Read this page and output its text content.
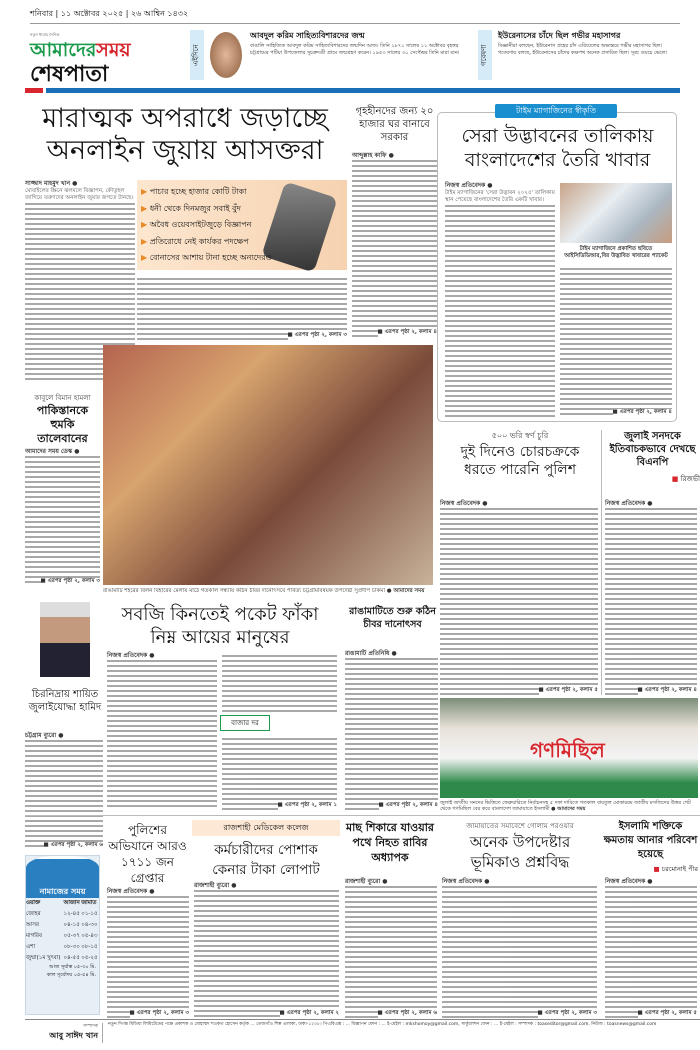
শনিবার | ১১ অক্টোবর ২০২৫ | ২৬ আশ্বিন ১৪৩২
নতুন ধারার দৈনিক
আমাদেরসময়
শেষপাতা
এইদিনে
আবদুল করিম সাহিত্যবিশারদের জন্ম
বাঙালি সাহিত্যিক আবদুল করিম সাহিত্যবিশারদের জন্মদিন আজ। তিনি ১৮৭১ সালের ১১ অক্টোবর বৃহত্তর চট্টগ্রামের পটিয়া উপজেলার সুচক্রদণ্ডী গ্রামে জন্মগ্রহণ করেন। ১৯৫৩ সালের ৩০ সেপ্টেম্বর তিনি মারা যান।	গবেষণা
ইউরেনাসের চাঁদে ছিল গভীর মহাসাগর
বিজ্ঞানীরা বলছেন, ইউরেনাস গ্রহের চাঁদ এরিয়েলের অভ্যন্তরে গভীর মহাসাগর ছিল। গবেষণায় বলছে, ইউরেনাসের চাঁদের কক্ষপথ অনেক প্রসারিত ছিল। সূত্র: ডয়চে ভেলে।
মারাত্মক অপরাধে জড়াচ্ছে
অনলাইন জুয়ায় আসক্তরা
সাজ্জাদ মাহমুদ খান ●
মোবাইলের স্ক্রিনে ঝলমলে বিজ্ঞাপন, কৌতূহল জাগিয়ে তরুণদের অনলাইন জুয়ার জগতে টানছে।
▶ পাচার হচ্ছে হাজার কোটি টাকা
▶ ধনী থেকে দিনমজুর সবাই বুঁদ
▶ অবৈধ ওয়েবসাইটজুড়ে বিজ্ঞাপন
▶ প্রতিরোধে নেই কার্যকর পদক্ষেপ
▶ বোনাসের আশায় টানা হচ্ছে অন্যদেরও
■ এরপর পৃষ্ঠা ২, কলাম ৩
গৃহহীনদের জন্য ২০ হাজার ঘর বানাবে সরকার
আব্দুল্লাহ কাফি ●
■ এরপর পৃষ্ঠা ২, কলাম ৪
টাইম ম্যাগাজিনের স্বীকৃতি
সেরা উদ্ভাবনের তালিকায়
বাংলাদেশের তৈরি খাবার
নিজস্ব প্রতিবেদক ●
টাইম ম্যাগাজিনের 'সেরা উদ্ভাবন ২০২৫' তালিকায় স্থান পেয়েছে বাংলাদেশের তৈরি একটি খাবার।
টাইম ম্যাগাজিনে প্রকাশিত ছবিতে আইসিডিডিআর,বির উদ্ভাবিত খাবারের প্যাকেট
■ এরপর পৃষ্ঠা ২, কলাম ৪
কাবুলে বিমান হামলা
পাকিস্তানকে হুমকি তালেবানের
আমাদের সময় ডেস্ক ●
■ এরপর পৃষ্ঠা ২, কলাম ৩
রাঙামাটি শহরের বিলন বিহারের মেলায় মাঠে গতকাল সন্ধ্যায় কঠিন চীবর দানোৎসবে পার্বত্য চট্টগ্রামবিষয়ক উপদেষ্টা সুপ্রদীপ চাকমা ● আমাদের সময়
৫০০ ভরি স্বর্ণ চুরি
দুই দিনেও চোরচক্রকে
ধরতে পারেনি পুলিশ
নিজস্ব প্রতিবেদক ●
■ এরপর পৃষ্ঠা ২, কলাম ৫
জুলাই সনদকে ইতিবাচকভাবে দেখছে বিএনপি
■ রিজভী
নিজস্ব প্রতিবেদক ●
■ এরপর পৃষ্ঠা ২, কলাম ৪
চিরনিদ্রায় শায়িত জুলাইযোদ্ধা হামিদ
চট্টগ্রাম ব্যুরো ●
■ এরপর পৃষ্ঠা ২, কলাম ৬
সবজি কিনতেই পকেট ফাঁকা
নিম্ন আয়ের মানুষের
নিজস্ব প্রতিবেদক ●
বাজার দর
■ এরপর পৃষ্ঠা ২, কলাম ১
রাঙামাটিতে শুরু কঠিন চীবর দানোৎসব
রাঙামাটি প্রতিনিধি ●
■ এরপর পৃষ্ঠা ২, কলাম ৪
গণমিছিল
জুলাই জাতীয় সনদের ভিত্তিতে ফেব্রুয়ারিতে নির্বাচনসহ ৫ দফা দাবিতে গতকাল বায়তুল মোকাররম জাতীয় মসজিদের উত্তর গেট থেকে গণমিছিল বের করে বাংলাদেশ জামায়াতে ইসলামী ● আমাদের সময়
পুলিশের অভিযানে আরও ১৭১১ জন গ্রেপ্তার
নিজস্ব প্রতিবেদক ●
■ এরপর পৃষ্ঠা ২, কলাম ৩
রাজশাহী মেডিকেল কলেজ
কর্মচারীদের পোশাক
কেনার টাকা লোপাট
রাজশাহী ব্যুরো ●
■ এরপর পৃষ্ঠা ২, কলাম ২
মাছ শিকারে যাওয়ার পথে নিহত রাবির অধ্যাপক
রাজশাহী ব্যুরো ●
■ এরপর পৃষ্ঠা ২, কলাম ৬
জামায়াতের সমাবেশে গোলাম পরওয়ার
অনেক উপদেষ্টার
ভূমিকাও প্রশ্নবিদ্ধ
নিজস্ব প্রতিবেদক ●
■ এরপর পৃষ্ঠা ২, কলাম ৩
ইসলামি শক্তিকে ক্ষমতায় আনার পরিবেশ হয়েছে
■ চরমোনাই পীর
নিজস্ব প্রতিবেদক ●
■ এরপর পৃষ্ঠা ২, কলাম ৫
নামাজের সময়
ওয়াক্ত	আজান	জামাত
জোহর	১২-৪৫	০১-১৫
আসর	০৪-১৫	০৪-৩০
মাগরিব	০৫-৩৭	০৫-৪৩
এশা	০৮-৩০	০৮-১৫
জুম্মা(১ম খুৎবা)	০৪-৫৫	০৫-২৫
আজ সূর্যাস্ত ০৫-৩০ মি.
কাল সূর্যোদয় ০৫-৫৪ মি.
সম্পাদক
আবু সাঈদ খান
নতুন দিগন্ত মিডিয়া লিমিটেডের পক্ষে প্রকাশক ও মোহাম্মদ শওকত হোসেন কর্তৃক ... তেজগাঁও শিল্প এলাকা, ঢাকা-১২০৮। পিএবিএক্স : ... বিজ্ঞাপন ফোন : ... ই-মেইল : mkshomoy@gmail.com, সার্কুলেশন ফোন : ... ই-মেইল : সম্পাদক : toaseditor@gmail.com, নিউজ : toasnews@gmail.com
